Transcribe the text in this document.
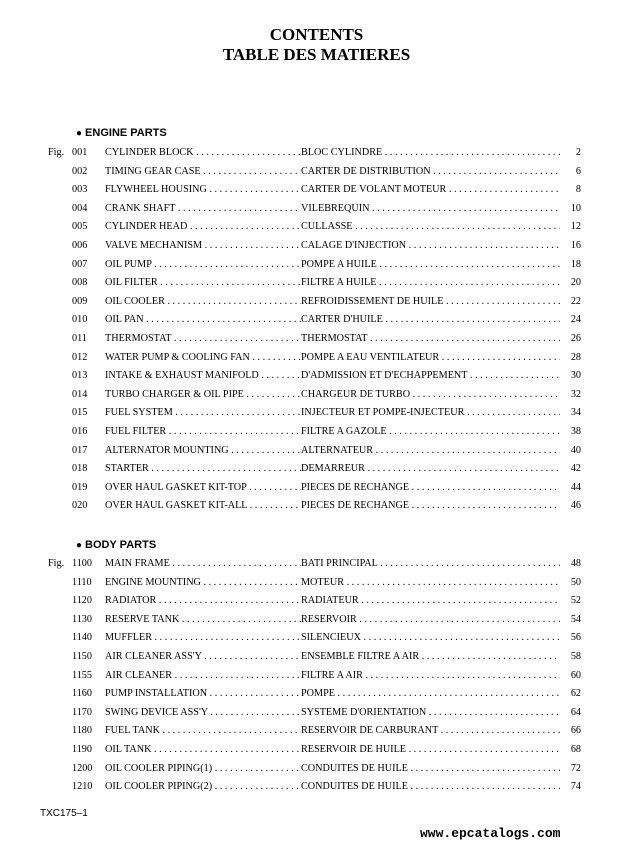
CONTENTS
TABLE DES MATIERES
● ENGINE PARTS
● BODY PARTS
Fig. 001	CYLINDER BLOCK . . .	BLOC CYLINDRE . . .	2
002	TIMING GEAR CASE . . .	CARTER DE DISTRIBUTION . . .	6
003	FLYWHEEL HOUSING . . .	CARTER DE VOLANT MOTEUR . . .	8
004	CRANK SHAFT . . .	VILEBREQUIN . . .	10
005	CYLINDER HEAD . . .	CULLASSE . . .	12
006	VALVE MECHANISM . . .	CALAGE D'INJECTION . . .	16
007	OIL PUMP . . .	POMPE A HUILE . . .	18
008	OIL FILTER . . .	FILTRE A HUILE . . .	20
009	OIL COOLER . . .	REFROIDISSEMENT DE HUILE . . .	22
010	OIL PAN . . .	CARTER D'HUILE . . .	24
011	THERMOSTAT . . .	THERMOSTAT . . .	26
012	WATER PUMP & COOLING FAN . . .	POMPE A EAU VENTILATEUR . . .	28
013	INTAKE & EXHAUST MANIFOLD . . .	D'ADMISSION ET D'ECHAPPEMENT . . .	30
014	TURBO CHARGER & OIL PIPE . . .	CHARGEUR DE TURBO . . .	32
015	FUEL SYSTEM . . .	INJECTEUR ET POMPE-INJECTEUR . . .	34
016	FUEL FILTER . . .	FILTRE A GAZOLE . . .	38
017	ALTERNATOR MOUNTING . . .	ALTERNATEUR . . .	40
018	STARTER . . .	DEMARREUR . . .	42
019	OVER HAUL GASKET KIT-TOP . . .	PIECES DE RECHANGE . . .	44
020	OVER HAUL GASKET KIT-ALL . . .	PIECES DE RECHANGE . . .	46
Fig. 1100	MAIN FRAME . . .	BATI PRINCIPAL . . .	48
1110	ENGINE MOUNTING . . .	MOTEUR . . .	50
1120	RADIATOR . . .	RADIATEUR . . .	52
1130	RESERVE TANK . . .	RESERVOIR . . .	54
1140	MUFFLER . . .	SILENCIEUX . . .	56
1150	AIR CLEANER ASS'Y . . .	ENSEMBLE FILTRE A AIR . . .	58
1155	AIR CLEANER . . .	FILTRE A AIR . . .	60
1160	PUMP INSTALLATION . . .	POMPE . . .	62
1170	SWING DEVICE ASS'Y . . .	SYSTEME D'ORIENTATION . . .	64
1180	FUEL TANK . . .	RESERVOIR DE CARBURANT . . .	66
1190	OIL TANK . . .	RESERVOIR DE HUILE . . .	68
1200	OIL COOLER PIPING(1) . . .	CONDUITES DE HUILE . . .	72
1210	OIL COOLER PIPING(2) . . .	CONDUITES DE HUILE . . .	74
TXC175–1
www.epcatalogs.com
